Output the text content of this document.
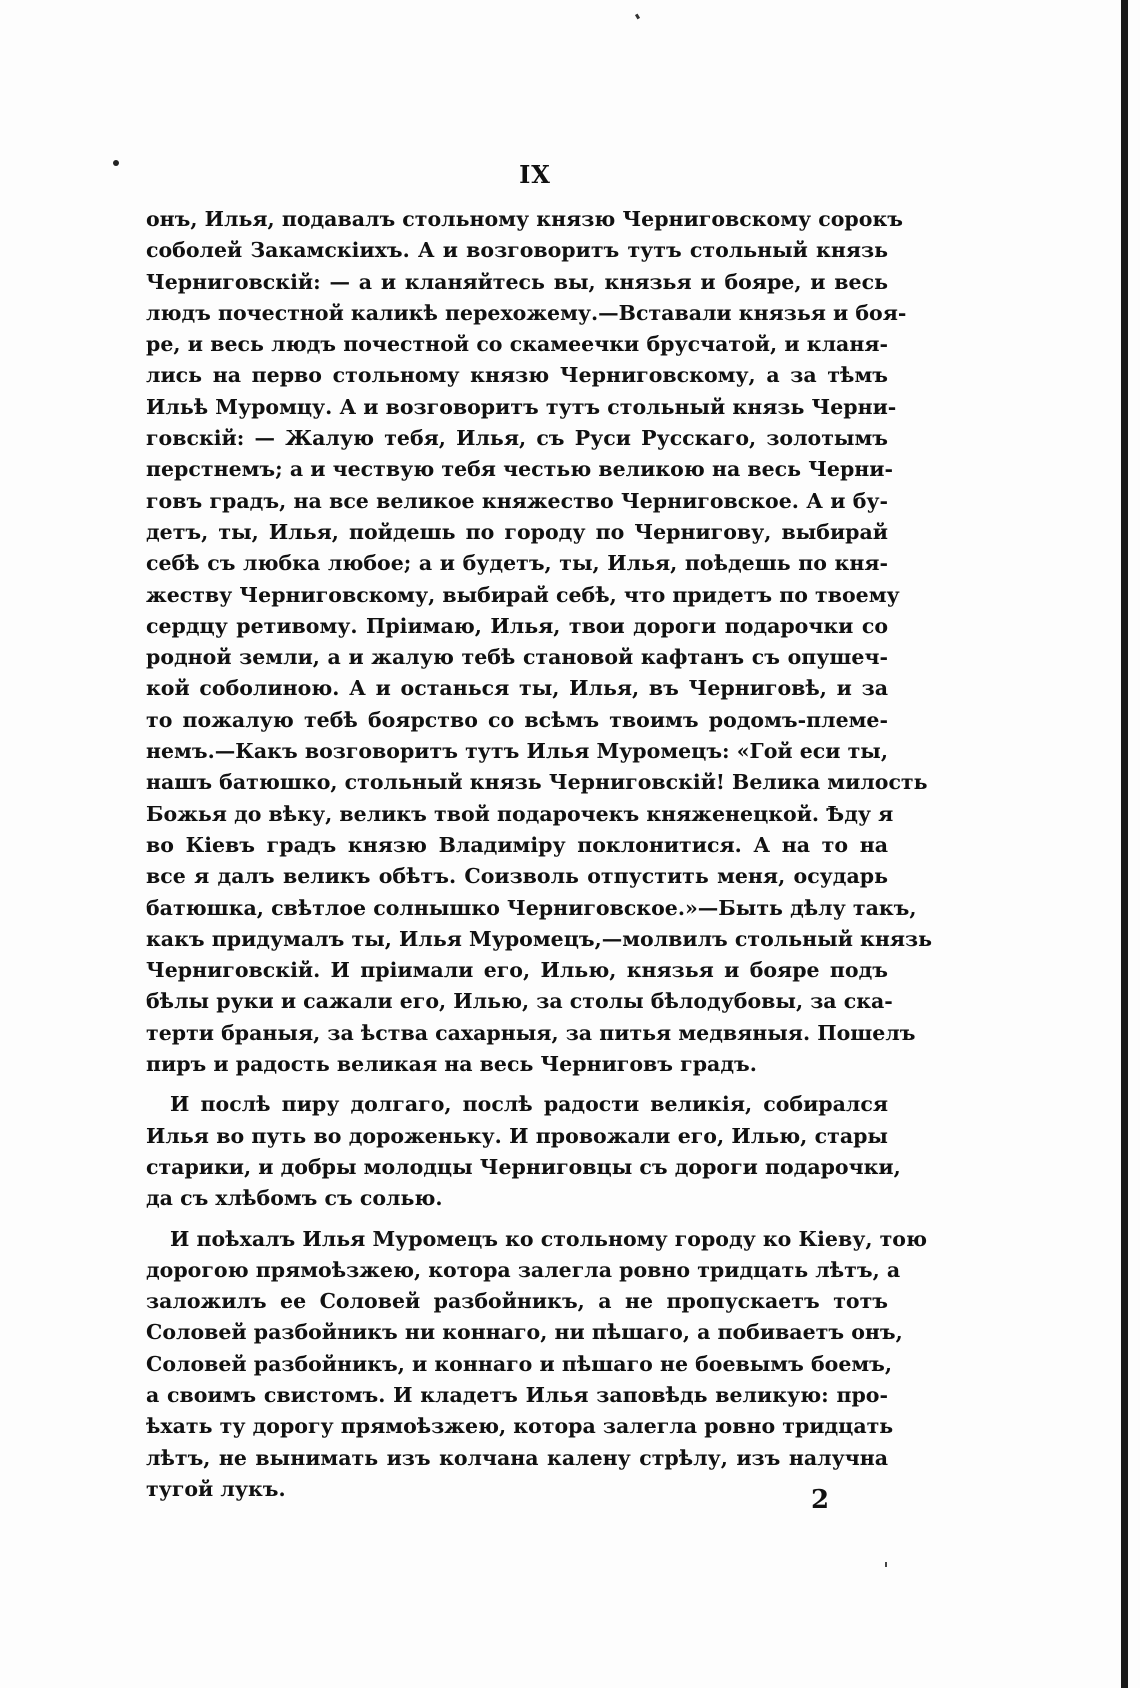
IX
онъ, Илья, подавалъ стольному князю Черниговскому сорокъ
соболей Закамскіихъ. А и возговоритъ тутъ стольный князь
Черниговскій: — а и кланяйтесь вы, князья и бояре, и весь
людъ почестной каликѣ перехожему.—Вставали князья и боя-
ре, и весь людъ почестной со скамеечки брусчатой, и кланя-
лись на перво стольному князю Черниговскому, а за тѣмъ
Ильѣ Муромцу. А и возговоритъ тутъ стольный князь Черни-
говскій: — Жалую тебя, Илья, съ Руси Русскаго, золотымъ
перстнемъ; а и чествую тебя честью великою на весь Черни-
говъ градъ, на все великое княжество Черниговское. А и бу-
детъ, ты, Илья, пойдешь по городу по Чернигову, выбирай
себѣ съ любка любое; а и будетъ, ты, Илья, поѣдешь по кня-
жеству Черниговскому, выбирай себѣ, что придетъ по твоему
сердцу ретивому. Пріимаю, Илья, твои дороги подарочки со
родной земли, а и жалую тебѣ становой кафтанъ съ опушеч-
кой соболиною. А и останься ты, Илья, въ Черниговѣ, и за
то пожалую тебѣ боярство со всѣмъ твоимъ родомъ-племе-
немъ.—Какъ возговоритъ тутъ Илья Муромецъ: «Гой еси ты,
нашъ батюшко, стольный князь Черниговскій! Велика милость
Божья до вѣку, великъ твой подарочекъ княженецкой. Ѣду я
во Кіевъ градъ князю Владиміру поклонитися. А на то на
все я далъ великъ обѣтъ. Соизволь отпустить меня, осударь
батюшка, свѣтлое солнышко Черниговское.»—Быть дѣлу такъ,
какъ придумалъ ты, Илья Муромецъ,—молвилъ стольный князь
Черниговскій. И пріимали его, Илью, князья и бояре подъ
бѣлы руки и сажали его, Илью, за столы бѣлодубовы, за ска-
терти браныя, за ѣства сахарныя, за питья медвяныя. Пошелъ
пиръ и радость великая на весь Черниговъ градъ.
И послѣ пиру долгаго, послѣ радости великія, собирался
Илья во путь во дороженьку. И провожали его, Илью, стары
старики, и добры молодцы Черниговцы съ дороги подарочки,
да съ хлѣбомъ съ солью.
И поѣхалъ Илья Муромецъ ко стольному городу ко Кіеву, тою
дорогою прямоѣзжею, котора залегла ровно тридцать лѣтъ, а
заложилъ ее Соловей разбойникъ, а не пропускаетъ тотъ
Соловей разбойникъ ни коннаго, ни пѣшаго, а побиваетъ онъ,
Соловей разбойникъ, и коннаго и пѣшаго не боевымъ боемъ,
а своимъ свистомъ. И кладетъ Илья заповѣдь великую: про-
ѣхать ту дорогу прямоѣзжею, котора залегла ровно тридцать
лѣтъ, не вынимать изъ колчана калену стрѣлу, изъ налучна
тугой лукъ.	2
